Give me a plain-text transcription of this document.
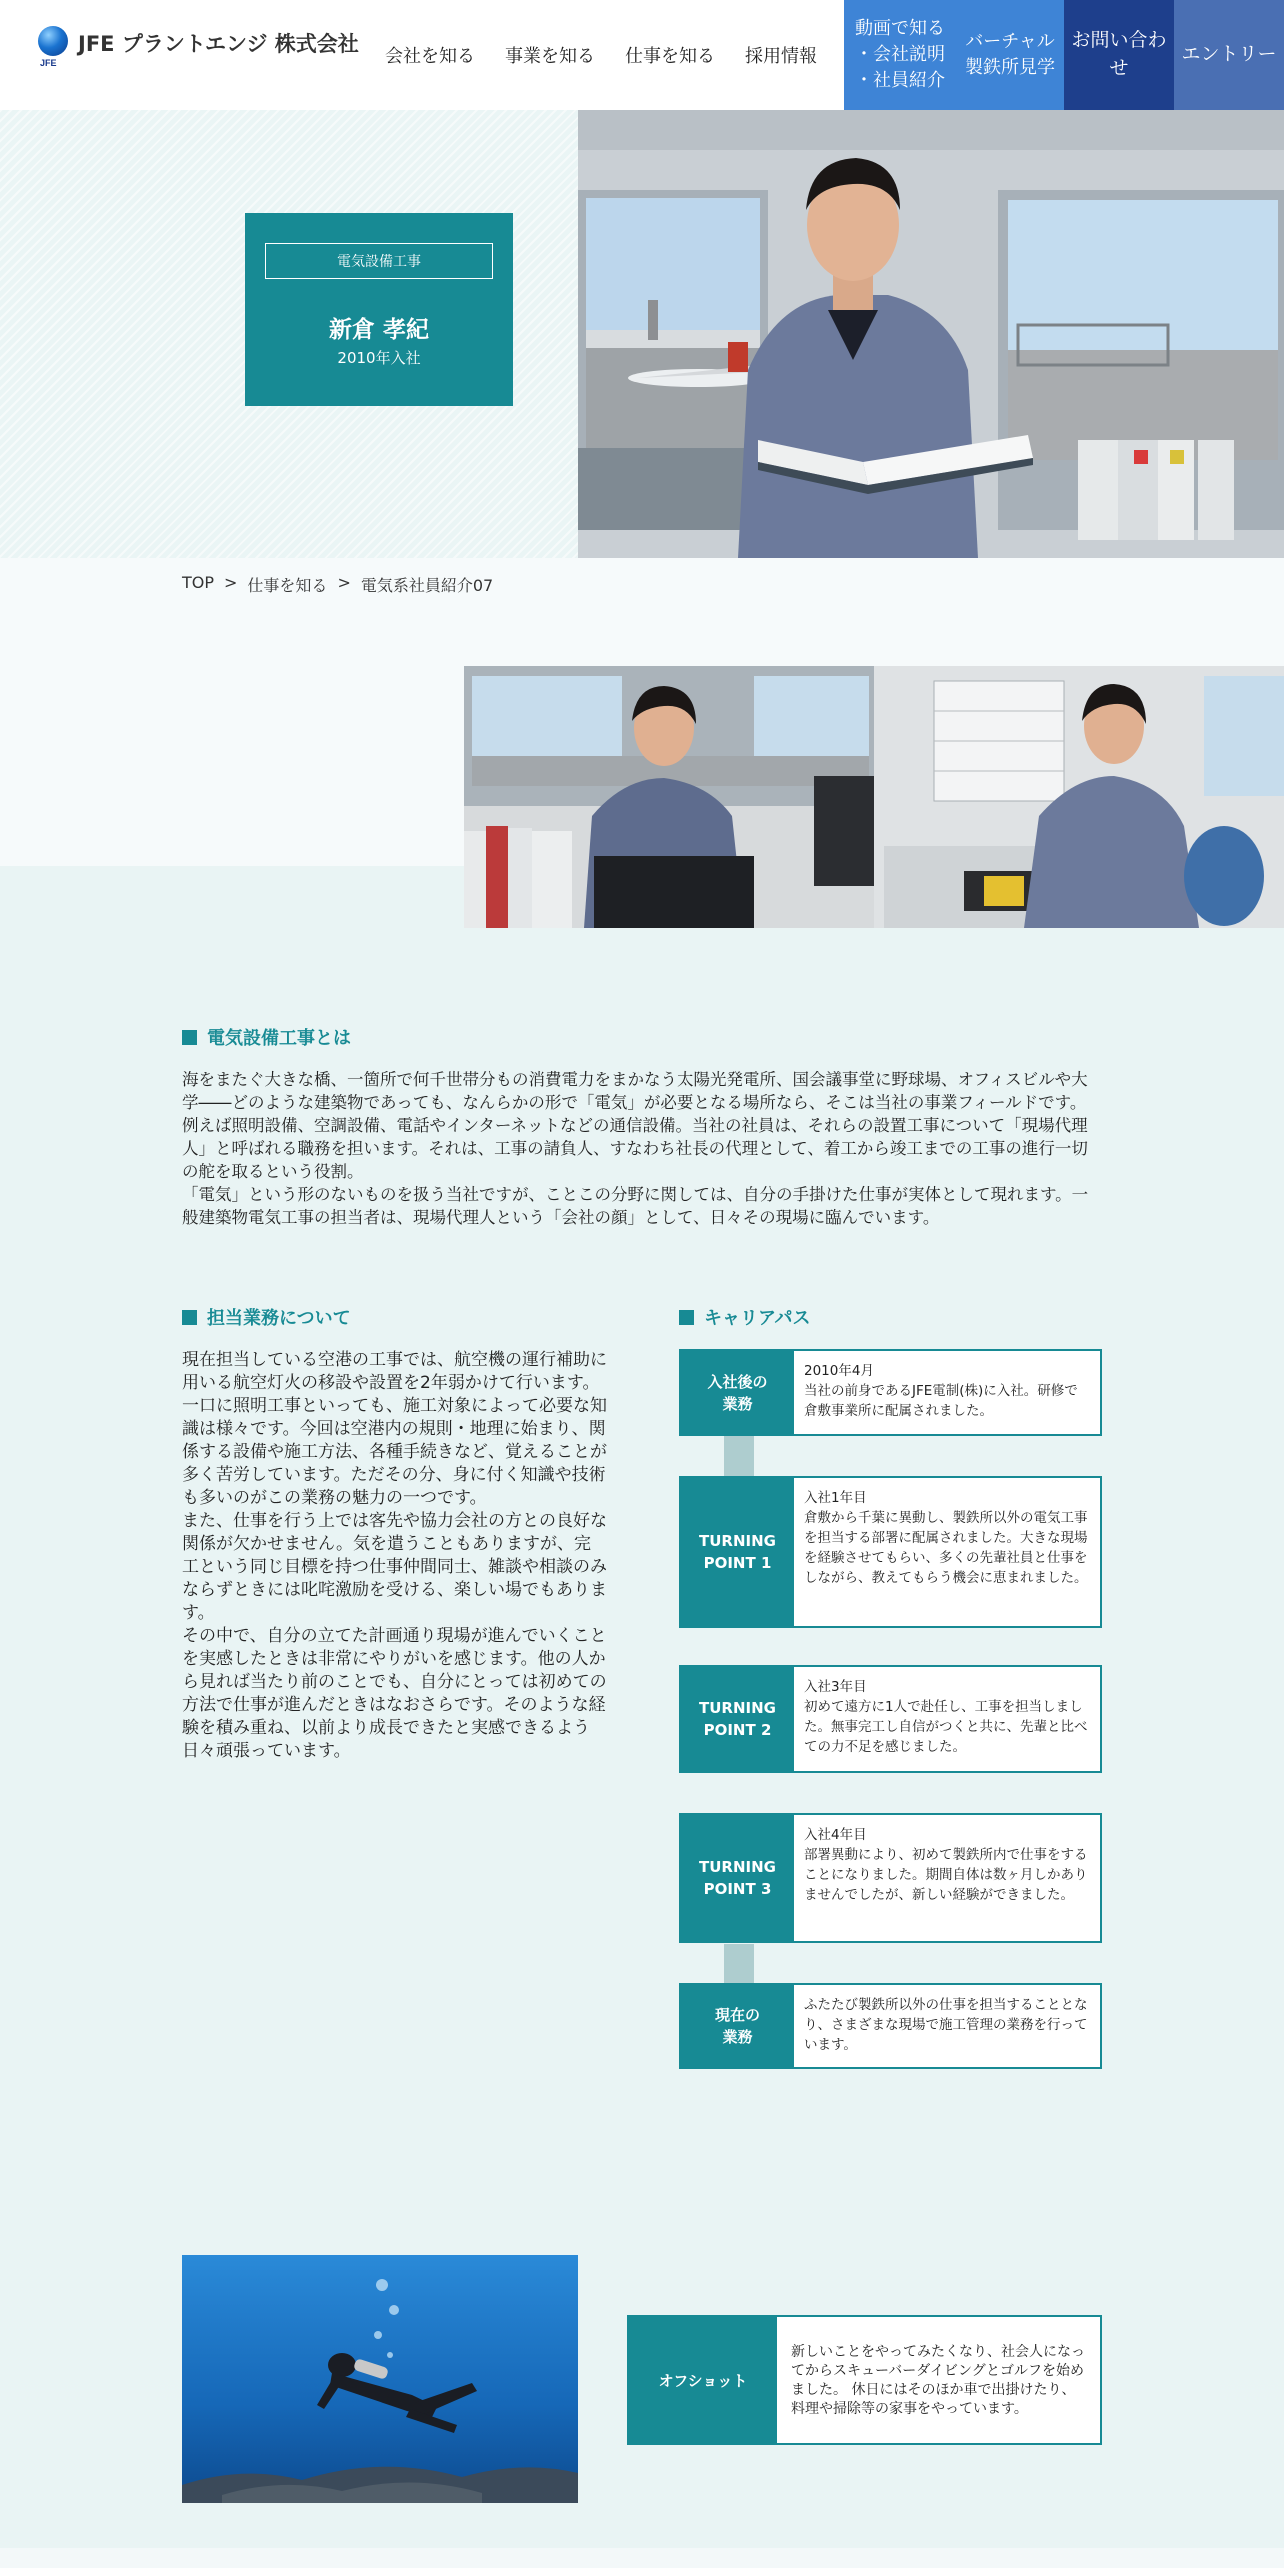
JFE
JFE プラントエンジ 株式会社
会社を知る	事業を知る	仕事を知る	採用情報
動画で知る
・会社説明
・社員紹介
バーチャル
製鉄所見学
お問い合わせ
エントリー
電気設備工事
新倉 孝紀
2010年入社
TOP > 仕事を知る > 電気系社員紹介07
電気設備工事とは

海をまたぐ大きな橋、一箇所で何千世帯分もの消費電力をまかなう太陽光発電所、国会議事堂に野球場、オフィスビルや大学――どのような建築物であっても、なんらかの形で「電気」が必要となる場所なら、そこは当社の事業フィールドです。

例えば照明設備、空調設備、電話やインターネットなどの通信設備。当社の社員は、それらの設置工事について「現場代理人」と呼ばれる職務を担います。それは、工事の請負人、すなわち社長の代理として、着工から竣工までの工事の進行一切の舵を取るという役割。

「電気」という形のないものを扱う当社ですが、ことこの分野に関しては、自分の手掛けた仕事が実体として現れます。一般建築物電気工事の担当者は、現場代理人という「会社の顔」として、日々その現場に臨んでいます。

担当業務について

現在担当している空港の工事では、航空機の運行補助に用いる航空灯火の移設や設置を2年弱かけて行います。一口に照明工事といっても、施工対象によって必要な知識は様々です。今回は空港内の規則・地理に始まり、関係する設備や施工方法、各種手続きなど、覚えることが多く苦労しています。ただその分、身に付く知識や技術も多いのがこの業務の魅力の一つです。

また、仕事を行う上では客先や協力会社の方との良好な関係が欠かせません。気を遣うこともありますが、完工という同じ目標を持つ仕事仲間同士、雑談や相談のみならずときには叱咤激励を受ける、楽しい場でもあります。

その中で、自分の立てた計画通り現場が進んでいくことを実感したときは非常にやりがいを感じます。他の人から見れば当たり前のことでも、自分にとっては初めての方法で仕事が進んだときはなおさらです。そのような経験を積み重ね、以前より成長できたと実感できるよう日々頑張っています。

キャリアパス
入社後の
業務
2010年4月
当社の前身であるJFE電制(株)に入社。研修で倉敷事業所に配属されました。
TURNING
POINT 1
入社1年目
倉敷から千葉に異動し、製鉄所以外の電気工事を担当する部署に配属されました。大きな現場を経験させてもらい、多くの先輩社員と仕事をしながら、教えてもらう機会に恵まれました。
TURNING
POINT 2
入社3年目
初めて遠方に1人で赴任し、工事を担当しました。無事完工し自信がつくと共に、先輩と比べての力不足を感じました。
TURNING
POINT 3
入社4年目
部署異動により、初めて製鉄所内で仕事をすることになりました。期間自体は数ヶ月しかありませんでしたが、新しい経験ができました。
現在の
業務
ふたたび製鉄所以外の仕事を担当することとなり、さまざまな現場で施工管理の業務を行っています。
オフショット
新しいことをやってみたくなり、社会人になってからスキューバーダイビングとゴルフを始めました。 休日にはそのほか車で出掛けたり、料理や掃除等の家事をやっています。
